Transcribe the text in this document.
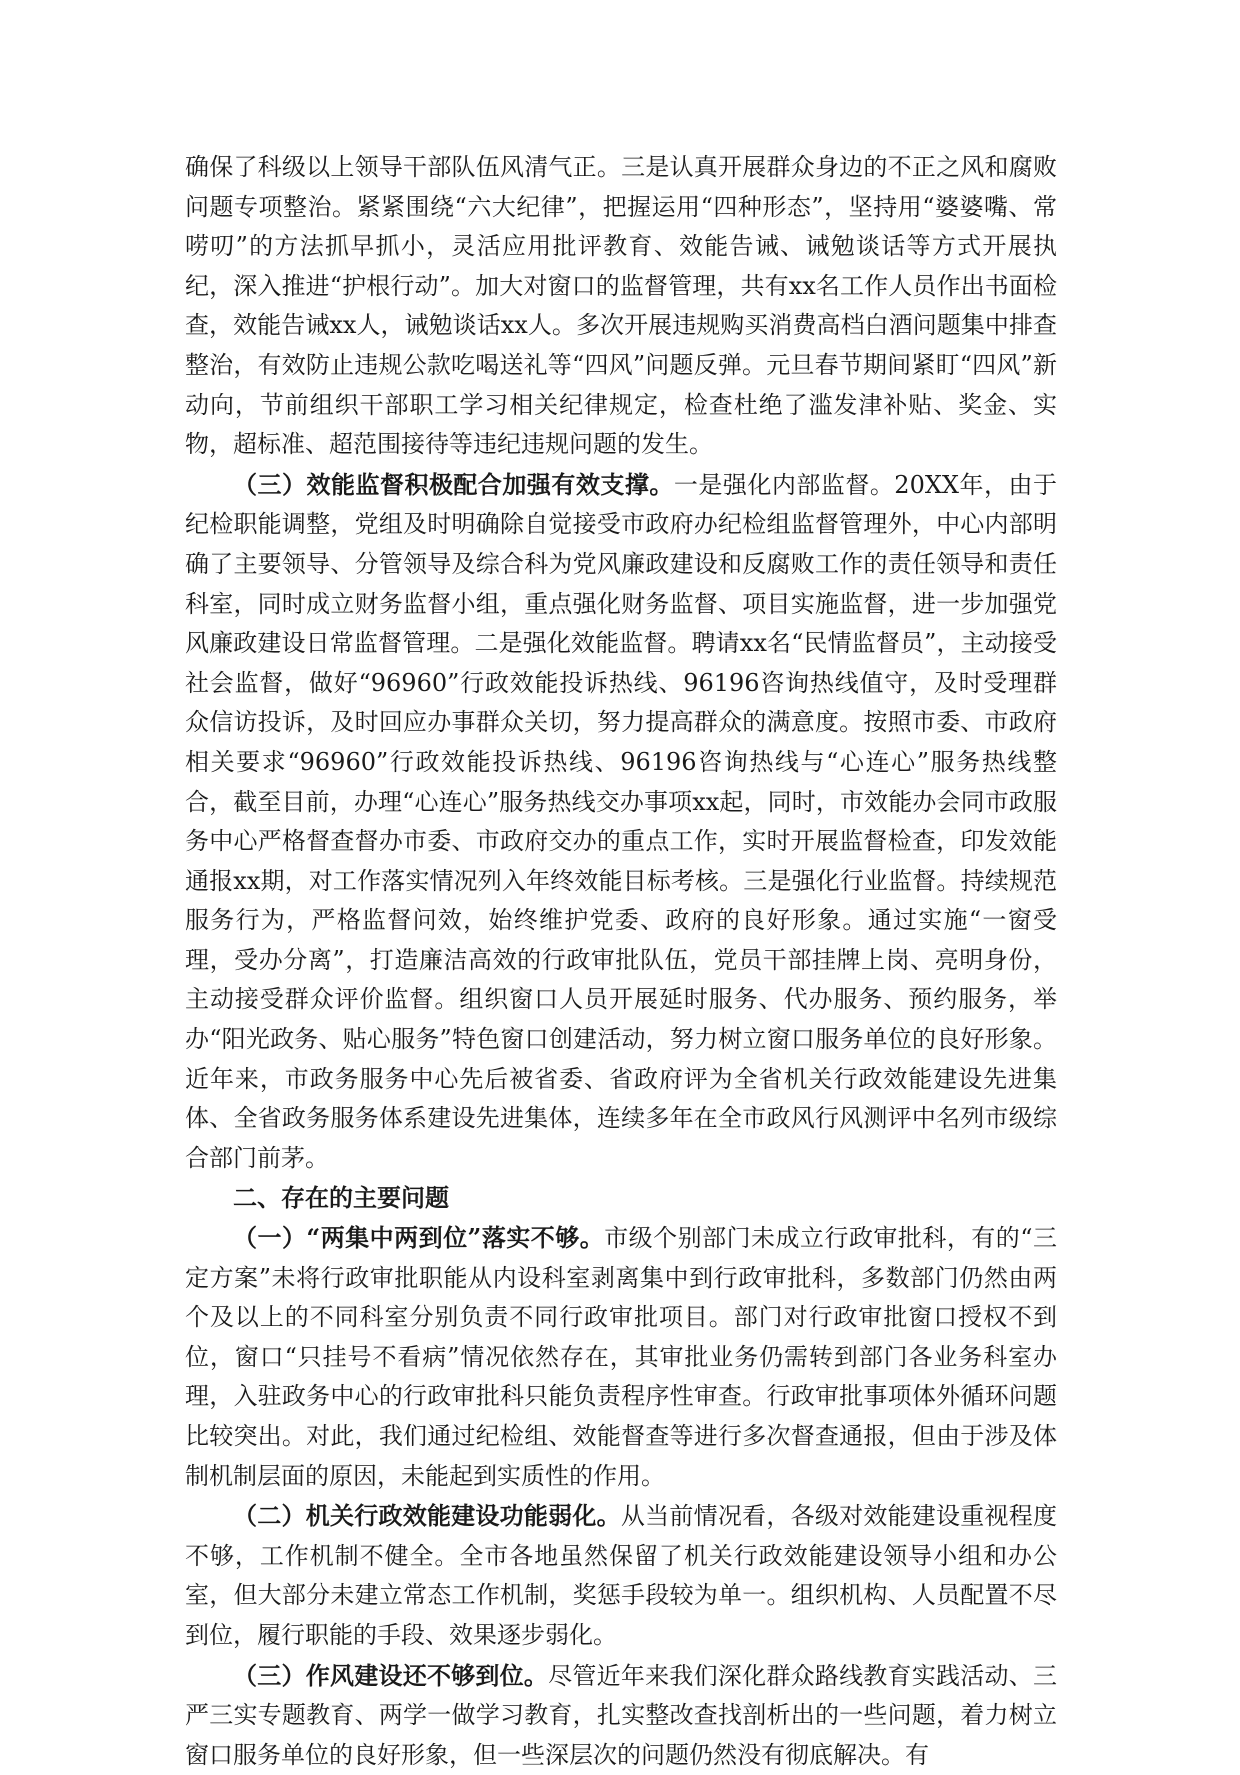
确保了科级以上领导干部队伍风清气正。三是认真开展群众身边的不正之风和腐败问题专项整治。紧紧围绕“六大纪律”，把握运用“四种形态”，坚持用“婆婆嘴、常唠叨”的方法抓早抓小，灵活应用批评教育、效能告诫、诫勉谈话等方式开展执纪，深入推进“护根行动”。加大对窗口的监督管理，共有xx名工作人员作出书面检查，效能告诫xx人，诫勉谈话xx人。多次开展违规购买消费高档白酒问题集中排查整治，有效防止违规公款吃喝送礼等“四风”问题反弹。元旦春节期间紧盯“四风”新动向，节前组织干部职工学习相关纪律规定，检查杜绝了滥发津补贴、奖金、实物，超标准、超范围接待等违纪违规问题的发生。

（三）效能监督积极配合加强有效支撑。一是强化内部监督。20XX年，由于纪检职能调整，党组及时明确除自觉接受市政府办纪检组监督管理外，中心内部明确了主要领导、分管领导及综合科为党风廉政建设和反腐败工作的责任领导和责任科室，同时成立财务监督小组，重点强化财务监督、项目实施监督，进一步加强党风廉政建设日常监督管理。二是强化效能监督。聘请xx名“民情监督员”，主动接受社会监督，做好“96960”行政效能投诉热线、96196咨询热线值守，及时受理群众信访投诉，及时回应办事群众关切，努力提高群众的满意度。按照市委、市政府相关要求“96960”行政效能投诉热线、96196咨询热线与“心连心”服务热线整合，截至目前，办理“心连心”服务热线交办事项xx起，同时，市效能办会同市政服务中心严格督查督办市委、市政府交办的重点工作，实时开展监督检查，印发效能通报xx期，对工作落实情况列入年终效能目标考核。三是强化行业监督。持续规范服务行为，严格监督问效，始终维护党委、政府的良好形象。通过实施“一窗受理，受办分离”，打造廉洁高效的行政审批队伍，党员干部挂牌上岗、亮明身份，主动接受群众评价监督。组织窗口人员开展延时服务、代办服务、预约服务，举办“阳光政务、贴心服务”特色窗口创建活动，努力树立窗口服务单位的良好形象。近年来，市政务服务中心先后被省委、省政府评为全省机关行政效能建设先进集体、全省政务服务体系建设先进集体，连续多年在全市政风行风测评中名列市级综合部门前茅。

二、存在的主要问题

（一）“两集中两到位”落实不够。市级个别部门未成立行政审批科，有的“三定方案”未将行政审批职能从内设科室剥离集中到行政审批科，多数部门仍然由两个及以上的不同科室分别负责不同行政审批项目。部门对行政审批窗口授权不到位，窗口“只挂号不看病”情况依然存在，其审批业务仍需转到部门各业务科室办理，入驻政务中心的行政审批科只能负责程序性审查。行政审批事项体外循环问题比较突出。对此，我们通过纪检组、效能督查等进行多次督查通报，但由于涉及体制机制层面的原因，未能起到实质性的作用。

（二）机关行政效能建设功能弱化。从当前情况看，各级对效能建设重视程度不够，工作机制不健全。全市各地虽然保留了机关行政效能建设领导小组和办公室，但大部分未建立常态工作机制，奖惩手段较为单一。组织机构、人员配置不尽到位，履行职能的手段、效果逐步弱化。

（三）作风建设还不够到位。尽管近年来我们深化群众路线教育实践活动、三严三实专题教育、两学一做学习教育，扎实整改查找剖析出的一些问题，着力树立窗口服务单位的良好形象，但一些深层次的问题仍然没有彻底解决。有
